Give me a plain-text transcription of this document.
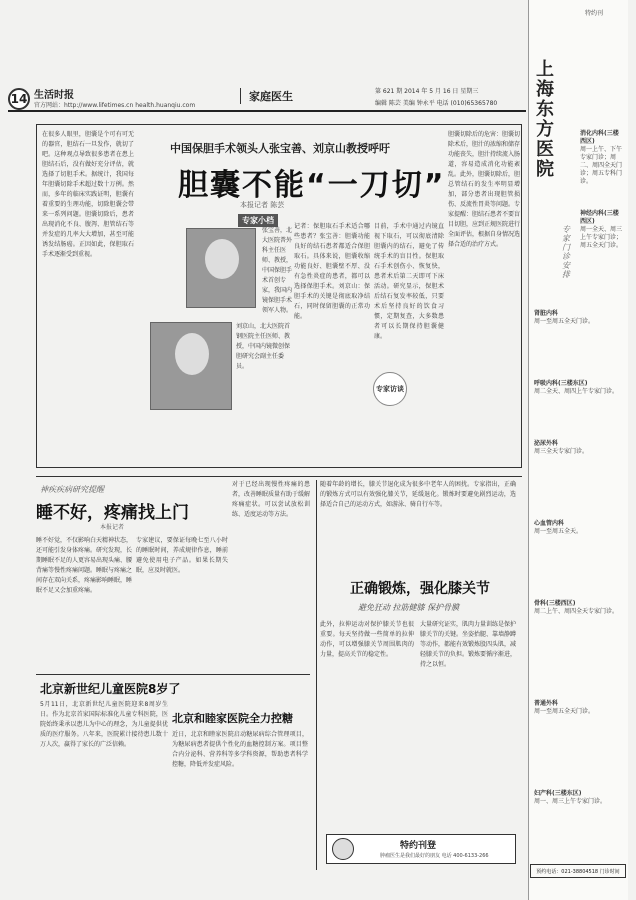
14 生活时报
官方网站：http://www.lifetimes.cn health.huanqiu.com
家庭医生	第 621 期 2014 年 5 月 16 日 星期三
编辑 陈芸 美编 钟永平 电话 (010)65365780
中国保胆手术领头人张宝善、刘京山教授呼吁
胆囊不能“一刀切”
本报记者 陈芸
在很多人眼里，胆囊是个可有可无的器官，胆结石一旦发作，就切了吧。这种观点导致很多患者在患上胆结石后，没有做好充分评估，就选择了切胆手术。据统计，我国每年胆囊切除手术超过数十万例。然而，多年的临床实践证明，胆囊有着重要的生理功能，切除胆囊会带来一系列问题。胆囊切除后，患者出现消化不良、腹泻、胆管结石等并发症的几率大大增加，甚至可能诱发结肠癌。正因如此，保胆取石手术逐渐受到重视。
记者：保胆取石手术适合哪些患者？张宝善：胆囊功能良好的结石患者都适合保胆取石。具体来说，胆囊收缩功能良好、胆囊壁不厚、没有急性炎症的患者，都可以选择保胆手术。刘京山：保胆手术的关键是彻底取净结石，同时保留胆囊的正常功能。
目前，手术中通过内镜直视下取石，可以彻底清除胆囊内的结石，避免了传统手术的盲目性。保胆取石手术创伤小、恢复快，患者术后第二天即可下床活动。研究显示，保胆术后结石复发率较低，只要术后坚持良好的饮食习惯，定期复查，大多数患者可以长期保持胆囊健康。
胆囊切除后的危害：胆囊切除术后，胆汁的浓缩和储存功能丧失，胆汁持续流入肠道，容易造成消化功能紊乱。此外，胆囊切除后，胆总管结石的发生率明显增加，部分患者出现胆管损伤、反流性胃炎等问题。专家提醒：胆结石患者不要盲目切胆，应到正规医院进行全面评估，根据自身情况选择合适的治疗方式。
专家小档
张宝善，北大医院普外科主任医师、教授，中国保胆手术首创专家，我国内镜保胆手术领军人物。
刘京山，北大医院首钢医院主任医师、教授，中国内镜微创保胆研究会副主任委员。
专家访谈
神疾疾病研究提醒
睡不好，疼痛找上门
本报记者
睡不好觉，不仅影响白天精神状态，还可能引发身体疼痛。研究发现，长期睡眠不足的人更容易出现头痛、腰背痛等慢性疼痛问题。睡眠与疼痛之间存在双向关系，疼痛影响睡眠，睡眠不足又会加重疼痛。
专家建议，要保证每晚七至八小时的睡眠时间，养成规律作息，睡前避免使用电子产品。如果长期失眠，应及时就医。
对于已经出现慢性疼痛的患者，改善睡眠质量有助于缓解疼痛症状。可以尝试放松训练、适度运动等方法。
北京新世纪儿童医院8岁了
5月11日，北京新世纪儿童医院迎来8周岁生日。作为北京首家国际标准化儿童专科医院，医院始终秉承以患儿为中心的理念，为儿童提供优质的医疗服务。八年来，医院累计接待患儿数十万人次，赢得了家长的广泛信赖。
北京和睦家医院全力控糖
近日，北京和睦家医院启动糖尿病综合管理项目，为糖尿病患者提供个性化的血糖控制方案。项目整合内分泌科、营养科等多学科资源，帮助患者科学控糖，降低并发症风险。
随着年龄的增长，膝关节退化成为很多中老年人的困扰。专家指出，正确的锻炼方式可以有效强化膝关节，延缓退化。锻炼时要避免剧烈运动，选择适合自己的运动方式，如游泳、骑自行车等。
正确锻炼，强化膝关节
避免狂动 拉筋健膝 保护骨膜
此外，拉伸运动对保护膝关节也很重要。每天坚持做一些简单的拉伸动作，可以增强膝关节周围肌肉的力量，提高关节的稳定性。
大量研究证实，肌肉力量训练是保护膝关节的关键。坐姿抬腿、靠墙静蹲等动作，都能有效锻炼股四头肌，减轻膝关节的负担。锻炼要循序渐进，持之以恒。
特约刊登
肿瘤医生是我们最好的朋友 电话 400-6133-266
特约刊
上海东方医院
专家门诊安排
消化内科(三楼西区)
周一上午、下午专家门诊；周二、周四全天门诊；周五专科门诊。
神经内科(三楼西区)
周一全天、周三上午专家门诊；周五全天门诊。
肾脏内科
周一至周五全天门诊。
呼吸内科(三楼东区)
周二全天、周四上午专家门诊。
泌尿外科
周三全天专家门诊。
心血管内科
周一至周五全天。
骨科(三楼西区)
周二上午、周四全天专家门诊。
普通外科
周一至周五全天门诊。
妇产科(三楼东区)
周一、周三上午专家门诊。
预约电话：021-38804518 门诊时间
